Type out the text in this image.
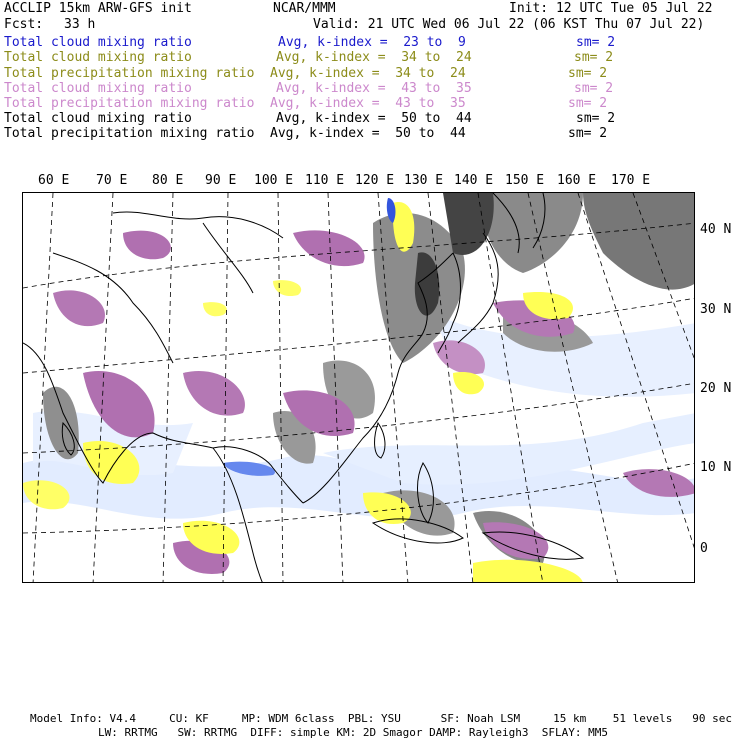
ACCLIP 15km ARW-GFS init	NCAR/MMM	Init: 12 UTC Tue 05 Jul 22
Fcst: 33 h	Valid: 21 UTC Wed 06 Jul 22 (06 KST Thu 07 Jul 22)
Total cloud mixing ratio	Avg, k-index =  23 to  9	sm= 2
Total cloud mixing ratio	Avg, k-index =  34 to  24	sm= 2
Total precipitation mixing ratio Avg, k-index =  34 to  24	sm= 2
Total cloud mixing ratio	Avg, k-index =  43 to  35	sm= 2
Total precipitation mixing ratio Avg, k-index =  43 to  35	sm= 2
Total cloud mixing ratio	Avg, k-index =  50 to  44	sm= 2
Total precipitation mixing ratio Avg, k-index =  50 to  44	sm= 2
60 E 70 E 80 E 90 E 100 E 110 E 120 E 130 E 140 E 150 E 160 E 170 E
40 N
30 N
20 N
10 N
0
Model Info: V4.4     CU: KF     MP: WDM 6class  PBL: YSU      SF: Noah LSM     15 km    51 levels   90 sec
LW: RRTMG   SW: RRTMG  DIFF: simple KM: 2D Smagor DAMP: Rayleigh3  SFLAY: MM5
